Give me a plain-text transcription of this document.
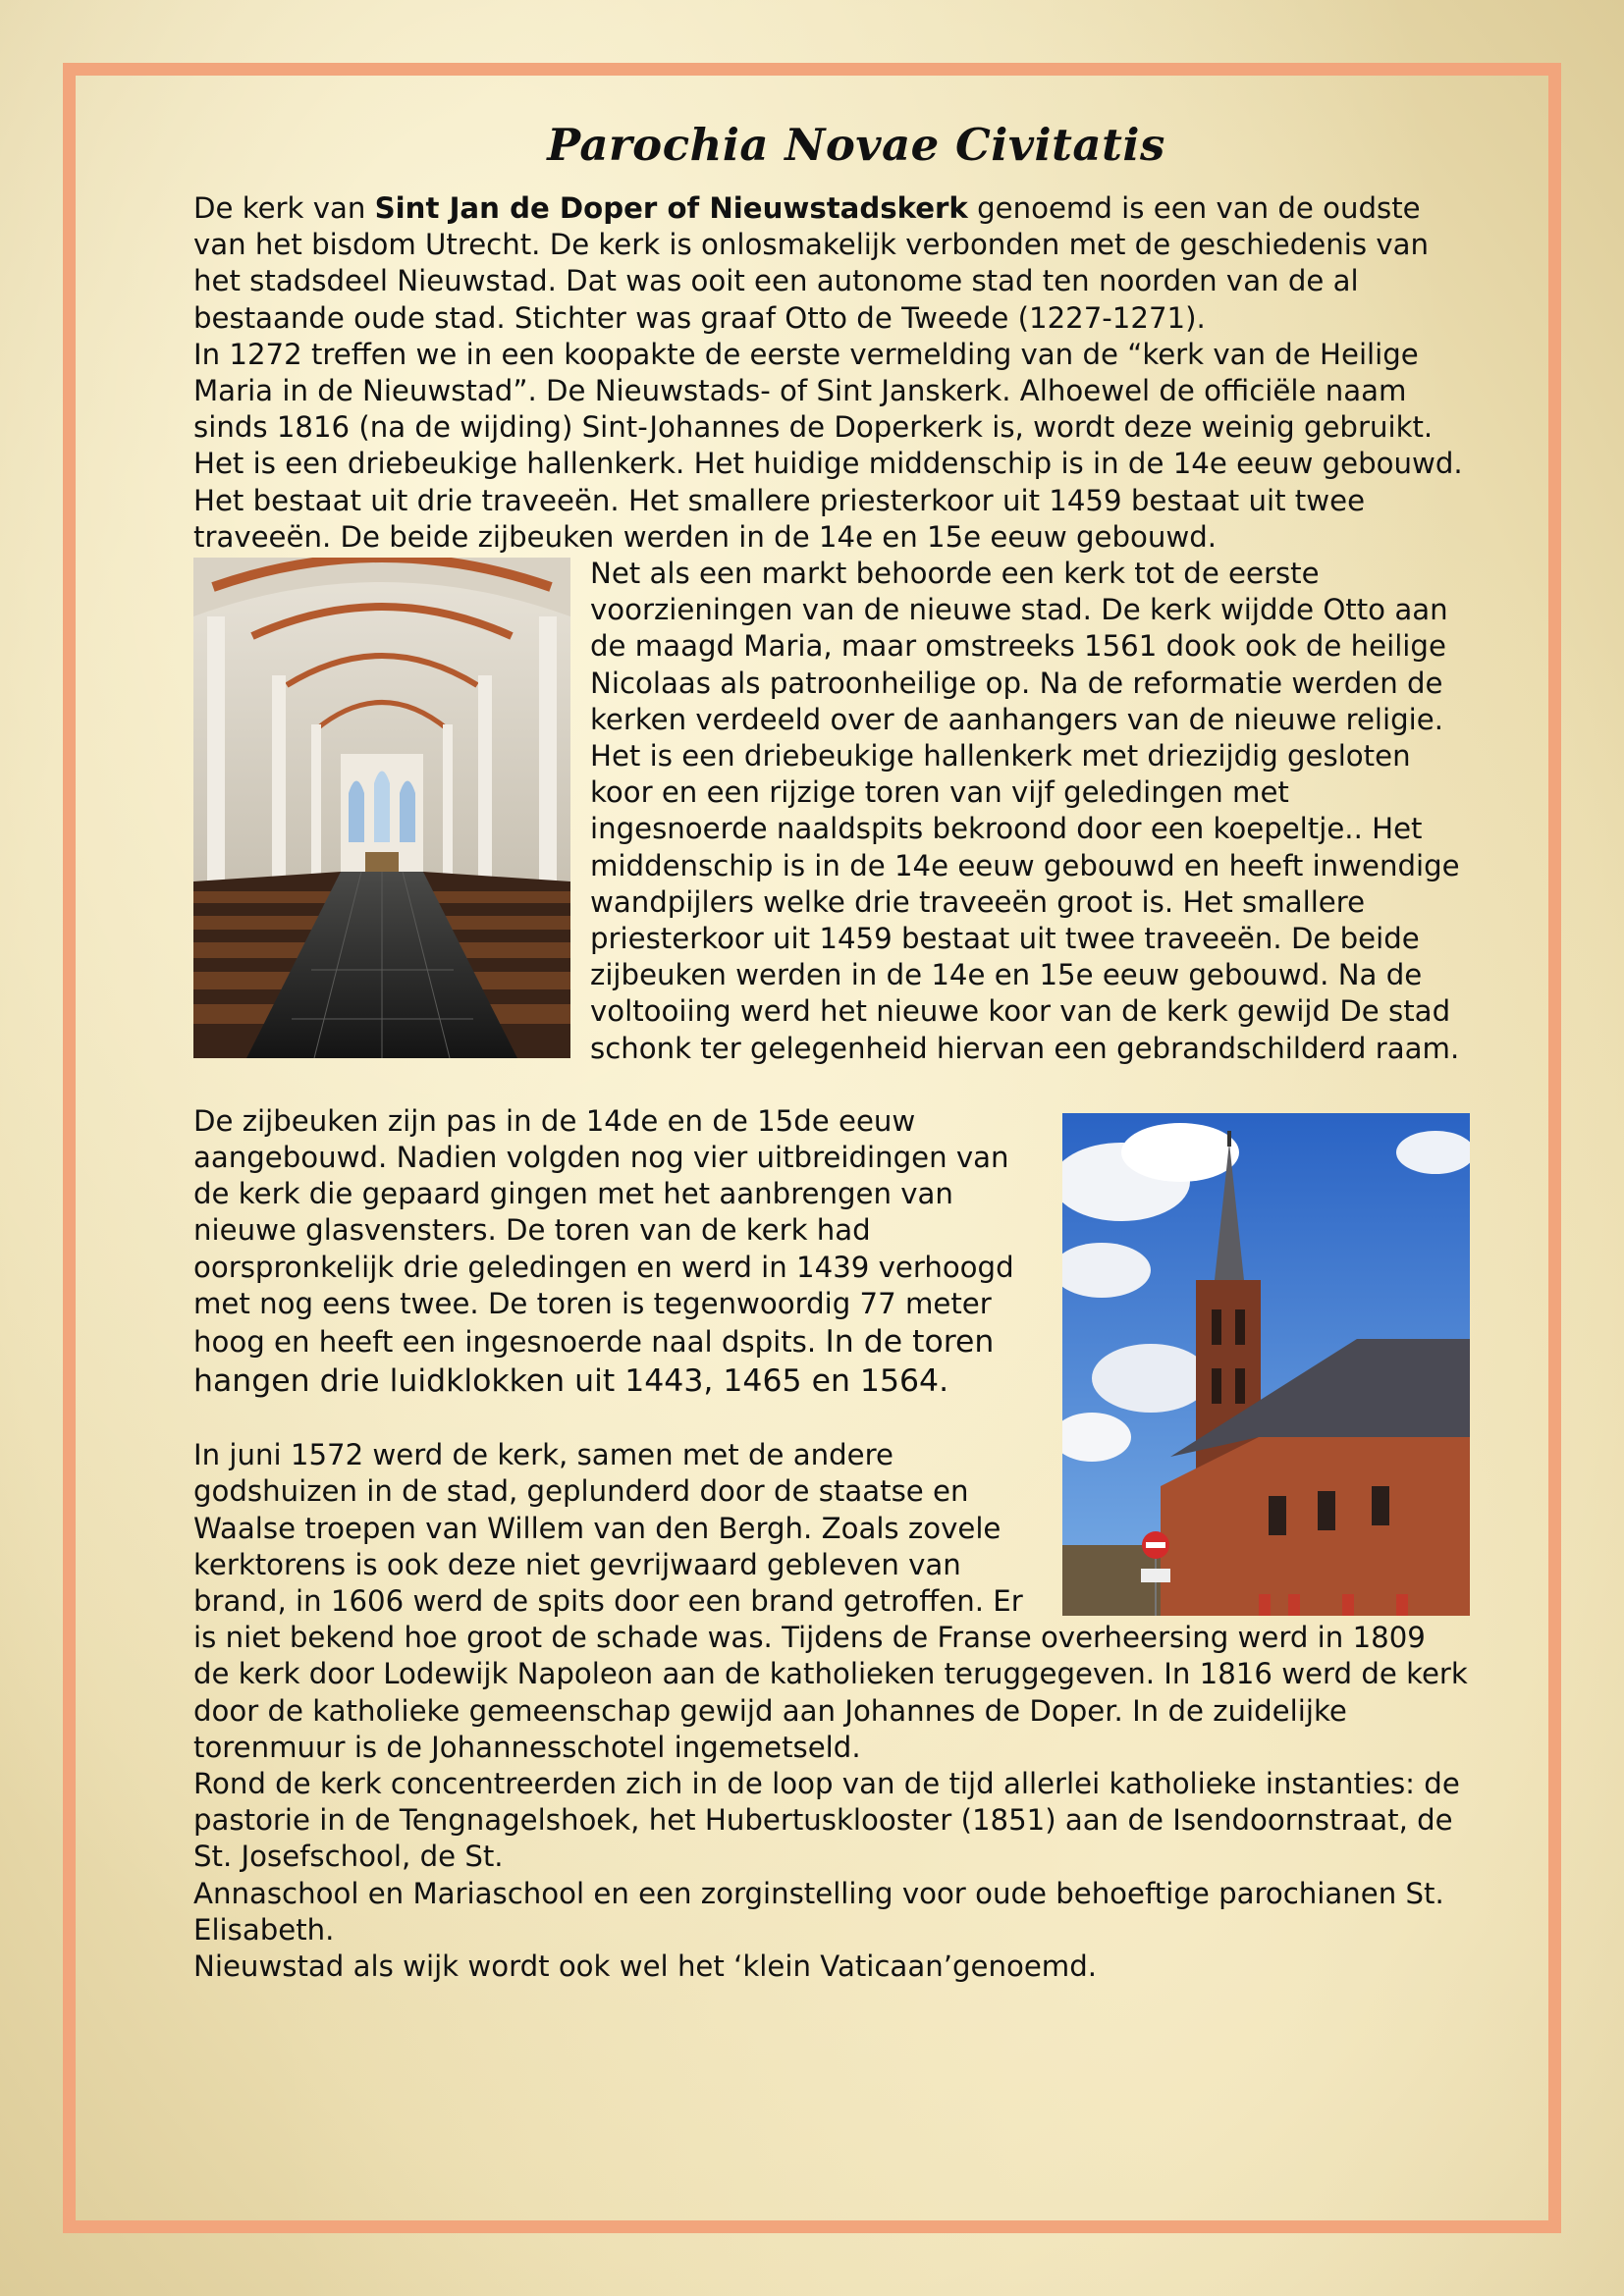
Parochia Novae Civitatis

De kerk van Sint Jan de Doper of Nieuwstadskerk genoemd is een van de oudste van het bisdom Utrecht. De kerk is onlosmakelijk verbonden met de geschiedenis van het stadsdeel Nieuwstad. Dat was ooit een autonome stad ten noorden van de al bestaande oude stad. Stichter was graaf Otto de Tweede (1227-1271).

In 1272 treffen we in een koopakte de eerste vermelding van de “kerk van de Heilige Maria in de Nieuwstad”. De Nieuwstads- of Sint Janskerk. Alhoewel de officiële naam sinds 1816 (na de wijding) Sint-Johannes de Doperkerk is, wordt deze weinig gebruikt. Het is een driebeukige hallenkerk. Het huidige middenschip is in de 14e eeuw gebouwd. Het bestaat uit drie traveeën. Het smallere priesterkoor uit 1459 bestaat uit twee traveeën. De beide zijbeuken werden in de 14e en 15e eeuw gebouwd.

Net als een markt behoorde een kerk tot de eerste voorzieningen van de nieuwe stad. De kerk wijdde Otto aan de maagd Maria, maar omstreeks 1561 dook ook de heilige Nicolaas als patroonheilige op. Na de reformatie werden de kerken verdeeld over de aanhangers van de nieuwe religie. Het is een driebeukige hallenkerk met driezijdig gesloten koor en een rijzige toren van vijf geledingen met ingesnoerde naaldspits bekroond door een koepeltje.. Het middenschip is in de 14e eeuw gebouwd en heeft inwendige wandpijlers welke drie traveeën groot is. Het smallere priesterkoor uit 1459 bestaat uit twee traveeën. De beide zijbeuken werden in de 14e en 15e eeuw gebouwd. Na de voltooiing werd het nieuwe koor van de kerk gewijd De stad schonk ter gelegenheid hiervan een gebrandschilderd raam.

De zijbeuken zijn pas in de 14de en de 15de eeuw aangebouwd. Nadien volgden nog vier uitbreidingen van de kerk die gepaard gingen met het aanbrengen van nieuwe glasvensters. De toren van de kerk had oorspronkelijk drie geledingen en werd in 1439 verhoogd met nog eens twee. De toren is tegenwoordig 77 meter hoog en heeft een ingesnoerde naal dspits. In de toren hangen drie luidklokken uit 1443, 1465 en 1564.

In juni 1572 werd de kerk, samen met de andere godshuizen in de stad, geplunderd door de staatse en Waalse troepen van Willem van den Bergh. Zoals zovele kerktorens is ook deze niet gevrijwaard gebleven van brand, in 1606 werd de spits door een brand getroffen. Er is niet bekend hoe groot de schade was. Tijdens de Franse overheersing werd in 1809 de kerk door Lodewijk Napoleon aan de katholieken teruggegeven. In 1816 werd de kerk door de katholieke gemeenschap gewijd aan Johannes de Doper. In de zuidelijke torenmuur is de Johannesschotel ingemetseld.

Rond de kerk concentreerden zich in de loop van de tijd allerlei katholieke instanties: de pastorie in de Tengnagelshoek, het Hubertusklooster (1851) aan de Isendoornstraat, de St. Josefschool, de St.

Annaschool en Mariaschool en een zorginstelling voor oude behoeftige parochianen St. Elisabeth.

Nieuwstad als wijk wordt ook wel het ‘klein Vaticaan’genoemd.
